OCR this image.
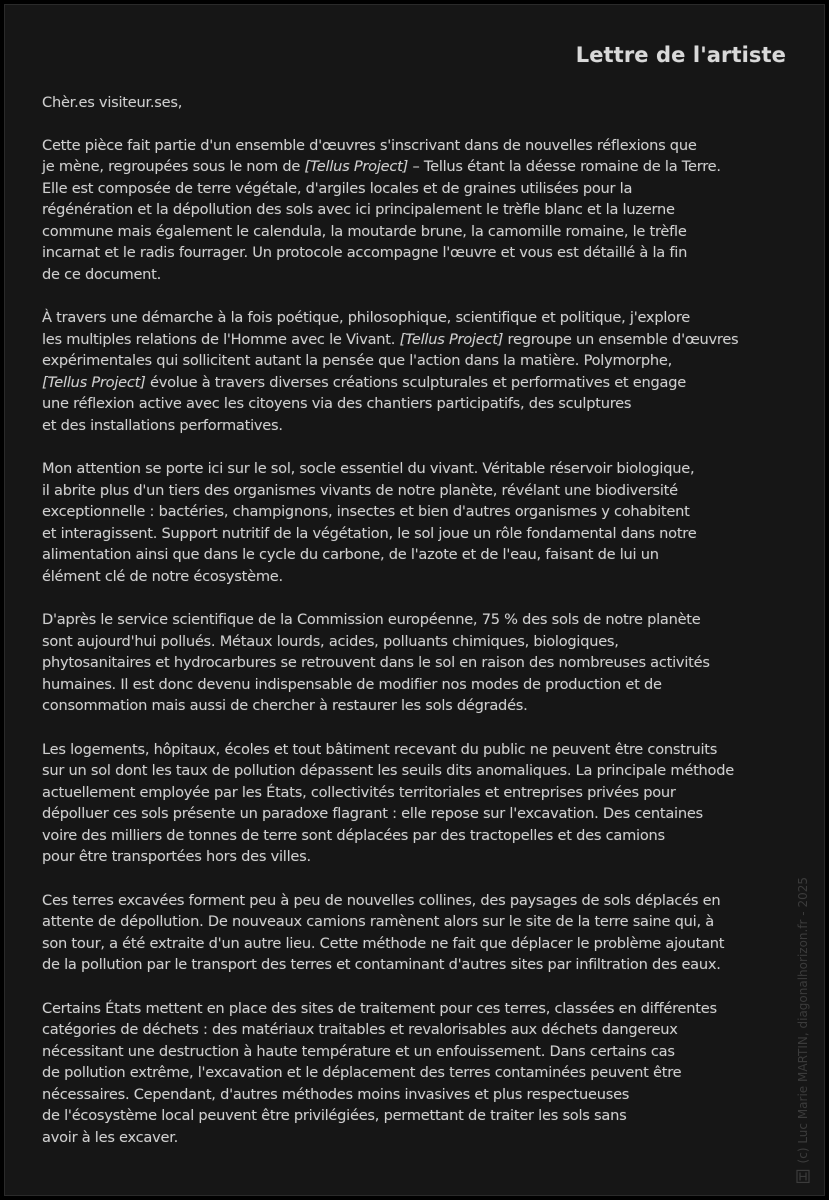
Lettre de l'artiste

Chèr.es visiteur.ses,

Cette pièce fait partie d'un ensemble d'œuvres s'inscrivant dans de nouvelles réflexions que
je mène, regroupées sous le nom de [Tellus Project] – Tellus étant la déesse romaine de la Terre.
Elle est composée de terre végétale, d'argiles locales et de graines utilisées pour la
régénération et la dépollution des sols avec ici principalement le trèfle blanc et la luzerne
commune mais également le calendula, la moutarde brune, la camomille romaine, le trèfle
incarnat et le radis fourrager. Un protocole accompagne l'œuvre et vous est détaillé à la fin
de ce document.

À travers une démarche à la fois poétique, philosophique, scientifique et politique, j'explore
les multiples relations de l'Homme avec le Vivant. [Tellus Project] regroupe un ensemble d'œuvres
expérimentales qui sollicitent autant la pensée que l'action dans la matière. Polymorphe,
[Tellus Project] évolue à travers diverses créations sculpturales et performatives et engage
une réflexion active avec les citoyens via des chantiers participatifs, des sculptures
et des installations performatives.

Mon attention se porte ici sur le sol, socle essentiel du vivant. Véritable réservoir biologique,
il abrite plus d'un tiers des organismes vivants de notre planète, révélant une biodiversité
exceptionnelle : bactéries, champignons, insectes et bien d'autres organismes y cohabitent
et interagissent. Support nutritif de la végétation, le sol joue un rôle fondamental dans notre
alimentation ainsi que dans le cycle du carbone, de l'azote et de l'eau, faisant de lui un
élément clé de notre écosystème.

D'après le service scientifique de la Commission européenne, 75 % des sols de notre planète
sont aujourd'hui pollués. Métaux lourds, acides, polluants chimiques, biologiques,
phytosanitaires et hydrocarbures se retrouvent dans le sol en raison des nombreuses activités
humaines. Il est donc devenu indispensable de modifier nos modes de production et de
consommation mais aussi de chercher à restaurer les sols dégradés.

Les logements, hôpitaux, écoles et tout bâtiment recevant du public ne peuvent être construits
sur un sol dont les taux de pollution dépassent les seuils dits anomaliques. La principale méthode
actuellement employée par les États, collectivités territoriales et entreprises privées pour
dépolluer ces sols présente un paradoxe flagrant : elle repose sur l'excavation. Des centaines
voire des milliers de tonnes de terre sont déplacées par des tractopelles et des camions
pour être transportées hors des villes.

Ces terres excavées forment peu à peu de nouvelles collines, des paysages de sols déplacés en
attente de dépollution. De nouveaux camions ramènent alors sur le site de la terre saine qui, à
son tour, a été extraite d'un autre lieu. Cette méthode ne fait que déplacer le problème ajoutant
de la pollution par le transport des terres et contaminant d'autres sites par infiltration des eaux.

Certains États mettent en place des sites de traitement pour ces terres, classées en différentes
catégories de déchets : des matériaux traitables et revalorisables aux déchets dangereux
nécessitant une destruction à haute température et un enfouissement. Dans certains cas
de pollution extrême, l'excavation et le déplacement des terres contaminées peuvent être
nécessaires. Cependant, d'autres méthodes moins invasives et plus respectueuses
de l'écosystème local peuvent être privilégiées, permettant de traiter les sols sans
avoir à les excaver.	(c) Luc Marie MARTIN, diagonalhorizon.fr - 2025
